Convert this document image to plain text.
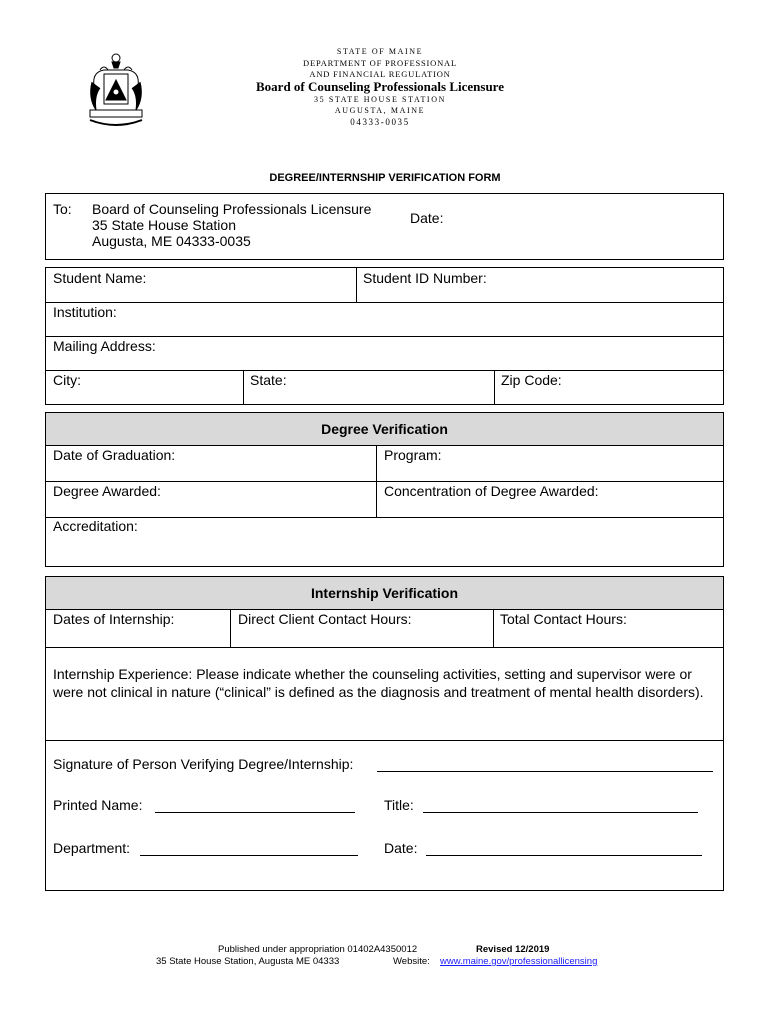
STATE OF MAINE
DEPARTMENT OF PROFESSIONAL
AND FINANCIAL REGULATION
Board of Counseling Professionals Licensure
35 STATE HOUSE STATION
AUGUSTA, MAINE
04333-0035
DEGREE/INTERNSHIP VERIFICATION FORM
To: Board of Counseling Professionals Licensure
35 State House Station
Augusta, ME 04333-0035
Date:
Student Name:	Student ID Number:
Institution:
Mailing Address:
City:	State:	Zip Code:
Degree Verification
Date of Graduation:	Program:
Degree Awarded:	Concentration of Degree Awarded:
Accreditation:
Internship Verification
Dates of Internship:	Direct Client Contact Hours:	Total Contact Hours:
Internship Experience: Please indicate whether the counseling activities, setting and supervisor were or were not clinical in nature (“clinical” is defined as the diagnosis and treatment of mental health disorders).
Signature of Person Verifying Degree/Internship:
Printed Name:	Title:
Department:	Date:
Published under appropriation 01402A4350012	Revised 12/2019
35 State House Station, Augusta ME 04333	Website: www.maine.gov/professionallicensing
